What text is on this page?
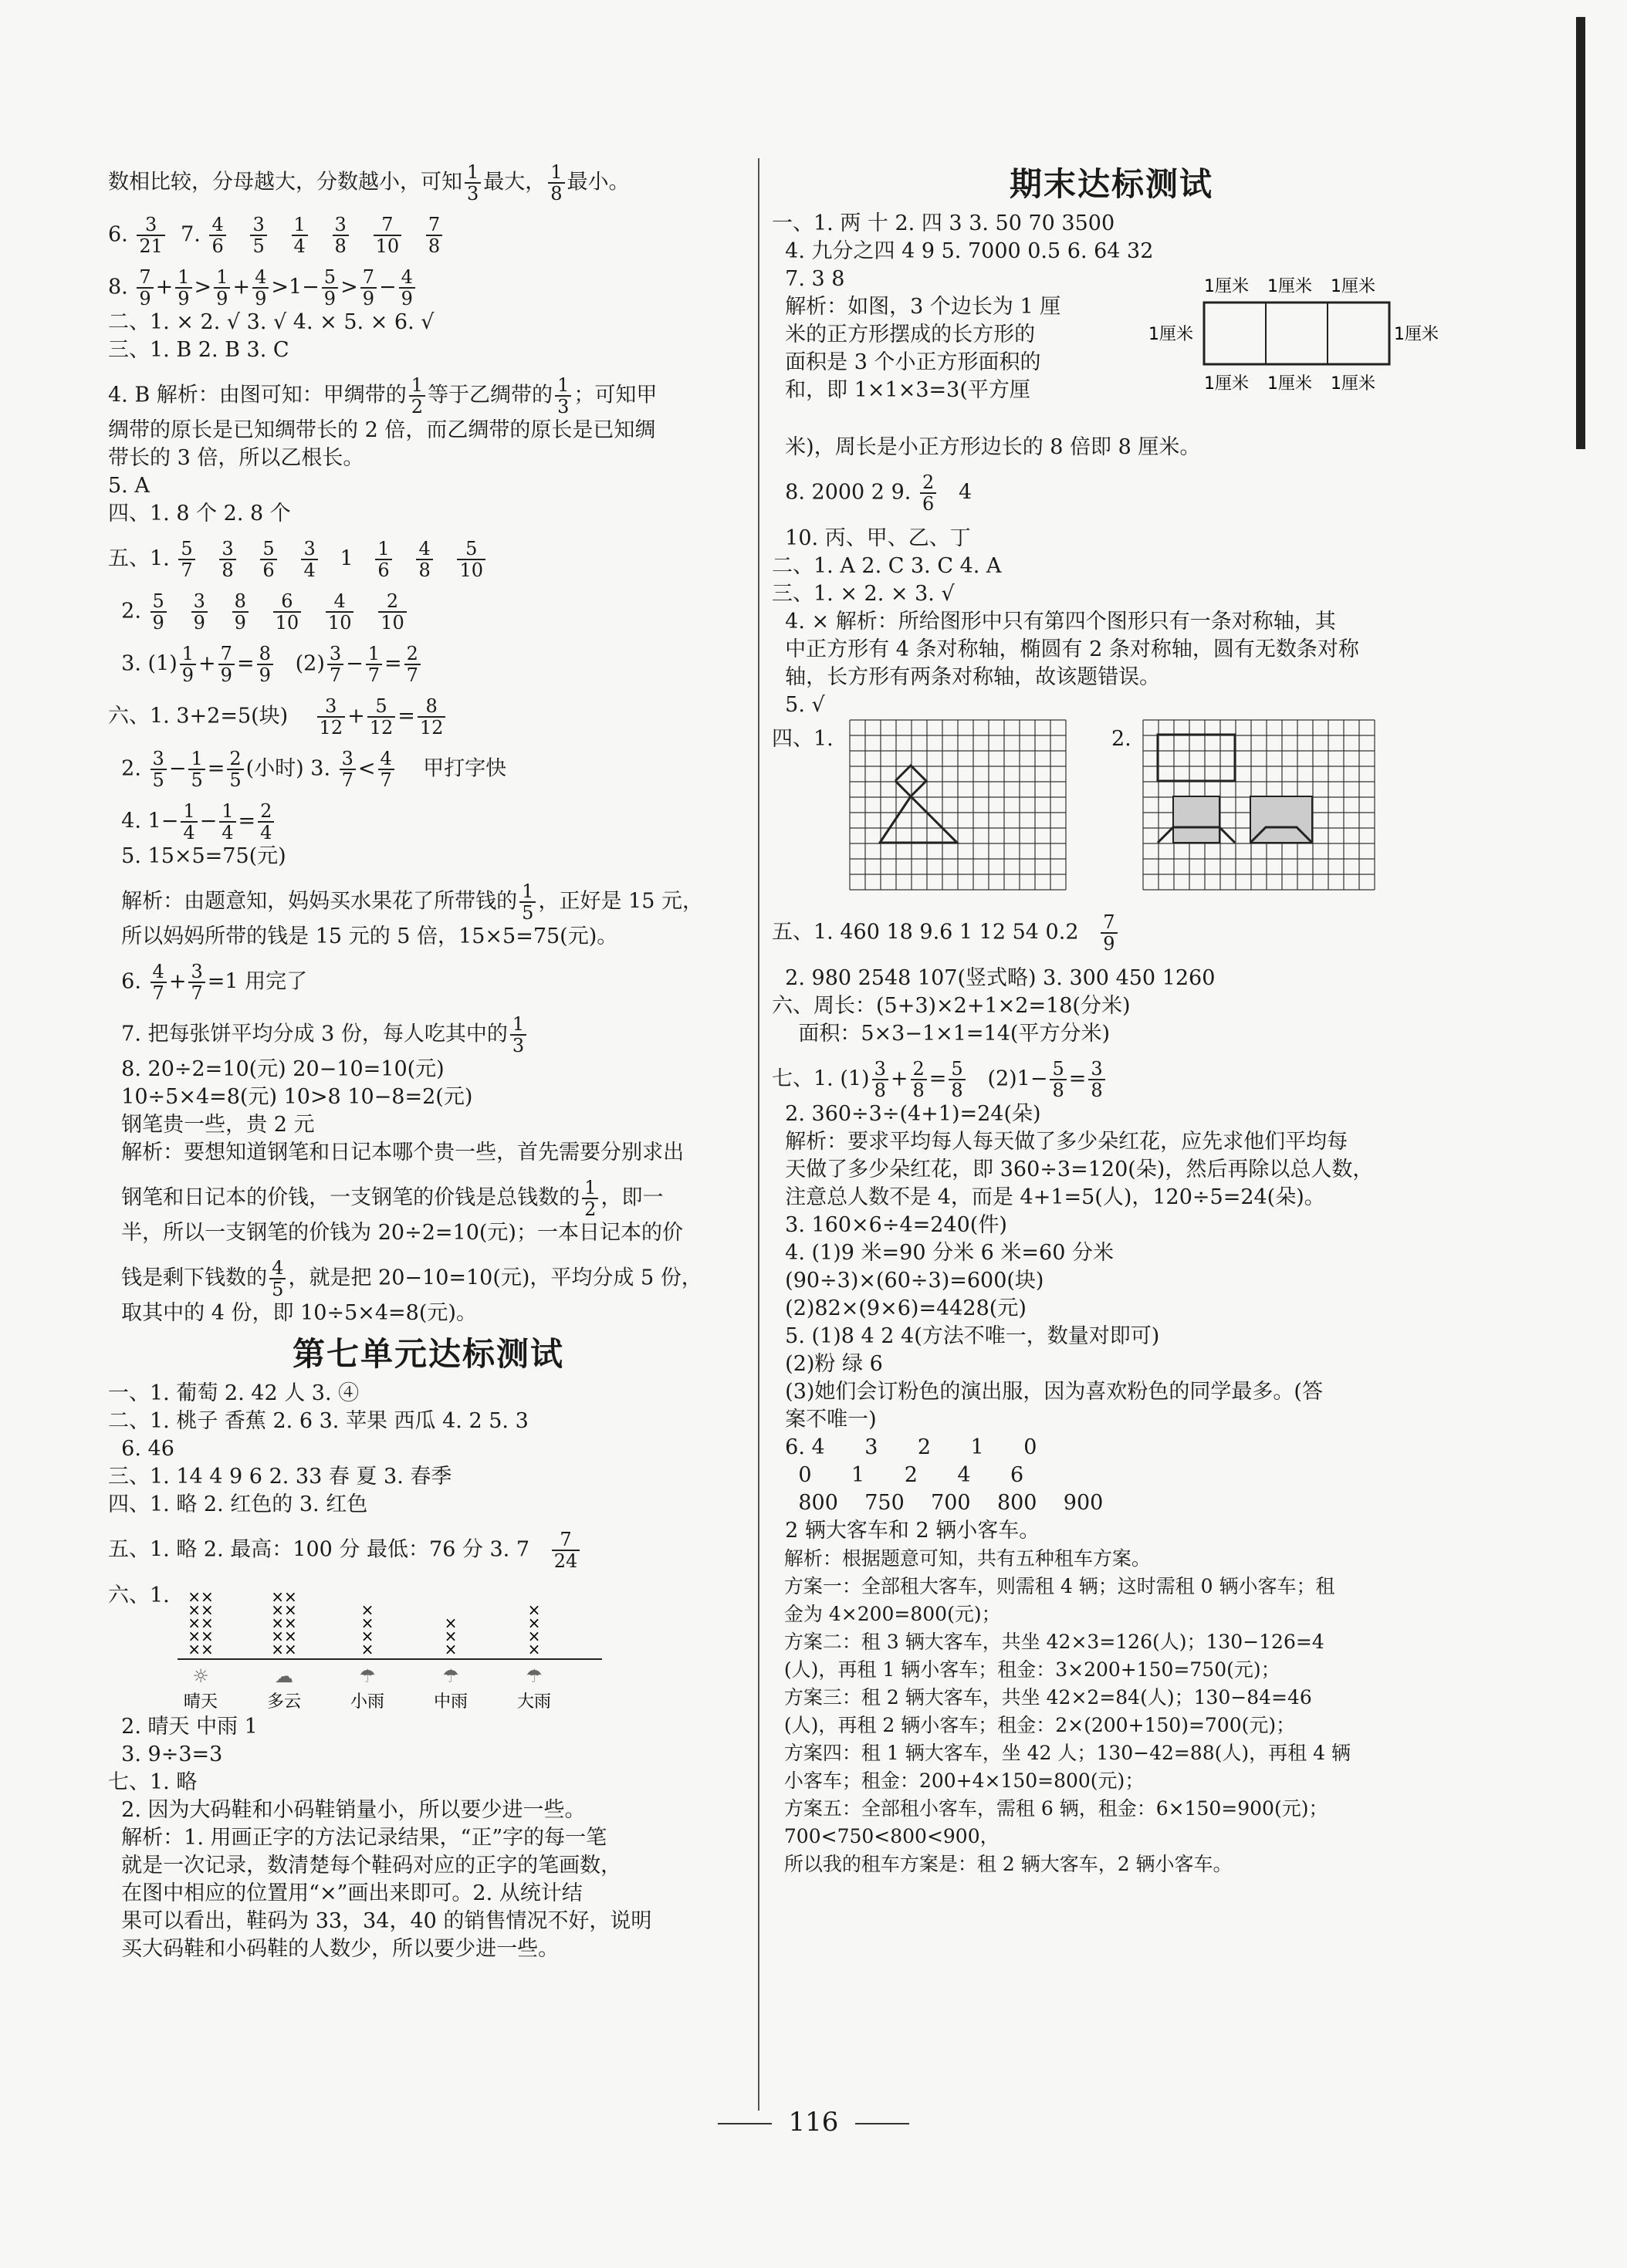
数相比较，分母越大，分数越小，可知 $\frac{1}{3}$ 最大， $\frac{1}{8}$ 最小。
6. $\frac{3}{21} 7$. $\frac{4}{6}$
$\frac{3}{5}$
$\frac{1}{4}$
$\frac{3}{8}$
$\frac{7}{10}$
$\frac{7}{8}$
8. $\frac{7}{9} + \frac{1}{9} > \frac{1}{9} + \frac{4}{9} >1- \frac{5}{9} > \frac{7}{9} - \frac{4}{9}$
二、1. × 2. √ 3. √ 4. × 5. × 6. √
三、1. B 2. B 3. C
4. B 解析：由图可知：甲绸带的 $\frac{1}{2}$ 等于乙绸带的 $\frac{1}{3}$ ；可知甲
绸带的原长是已知绸带长的 2 倍，而乙绸带的原长是已知绸
带长的 3 倍，所以乙根长。
5. A
四、1. 8 个 2. 8 个
五、1. $\frac{5}{7}$
$\frac{3}{8}$
$\frac{5}{6}$
$\frac{3}{4} 1 \frac{1}{6}$
$\frac{4}{8}$
$\frac{5}{10}$
2. $\frac{5}{9}$
$\frac{3}{9}$
$\frac{8}{9}$
$\frac{6}{10}$
$\frac{4}{10}$
$\frac{2}{10}$
3. $(1) \frac{1}{9} + \frac{7}{9} = \frac{8}{9} (2) \frac{3}{7} - \frac{1}{7} = \frac{2}{7}$
六、1. 3+2=5(块) $\frac{3}{12} + \frac{5}{12} = \frac{8}{12}$
2. $\frac{3}{5} - \frac{1}{5} = \frac{2}{5}$ (小时) 3. $\frac{3}{7} < \frac{4}{7}$ 甲打字快
4. $1- \frac{1}{4} - \frac{1}{4} = \frac{2}{4}$
5. 15×5=75(元)
解析：由题意知，妈妈买水果花了所带钱的 $\frac{1}{5}$ ，正好是 15 元，
所以妈妈所带的钱是 15 元的 5 倍，15×5=75(元)。
6. $\frac{4}{7} + \frac{3}{7} =1$ 用完了
7. 把每张饼平均分成 3 份，每人吃其中的 $\frac{1}{3}$
8. 20÷2=10(元) 20−10=10(元)
10÷5×4=8(元) 10>8 10−8=2(元)
钢笔贵一些，贵 2 元
解析：要想知道钢笔和日记本哪个贵一些，首先需要分别求出
钢笔和日记本的价钱，一支钢笔的价钱是总钱数的 $\frac{1}{2}$ ，即一
半，所以一支钢笔的价钱为 20÷2=10(元)；一本日记本的价
钱是剩下钱数的 $\frac{4}{5}$ ，就是把 20−10=10(元)，平均分成 5 份，
取其中的 4 份，即 10÷5×4=8(元)。
第七单元达标测试
一、1. 葡萄 2. 42 人 3. ④
二、1. 桃子 香蕉 2. 6 3. 苹果 西瓜 4. 2 5. 3
6. 46
三、1. 14 4 9 6 2. 33 春 夏 3. 春季
四、1. 略 2. 红色的 3. 红色
五、1. 略 2. 最高：100 分 最低：76 分 3. $7 \frac{7}{24}$
六、1.
××
××
××
××
××
☼
晴天
××
××
××
××
××
☁
多云
×
×
×
×
☂
小雨
×
×
×
☂
中雨
×
×
×
×
☂
大雨
2. 晴天 中雨 1
3. 9÷3=3
七、1. 略
2. 因为大码鞋和小码鞋销量小，所以要少进一些。
解析：1. 用画正字的方法记录结果，“正”字的每一笔
就是一次记录，数清楚每个鞋码对应的正字的笔画数，
在图中相应的位置用“×”画出来即可。2. 从统计结
果可以看出，鞋码为 33，34，40 的销售情况不好，说明
买大码鞋和小码鞋的人数少，所以要少进一些。
期末达标测试
一、1. 两 十 2. 四 3 3. 50 70 3500
4. 九分之四 4 9 5. 7000 0.5 6. 64 32
7. 3 8
解析：如图，3 个边长为 1 厘
米的正方形摆成的长方形的
面积是 3 个小正方形面积的
和，即 1×1×3=3(平方厘
1厘米 1厘米 1厘米
1厘米 1厘米 1厘米
1厘米	1厘米
米)，周长是小正方形边长的 8 倍即 8 厘米。
8. 2000 2 9. $\frac{2}{6} 4$
10. 丙、甲、乙、丁
二、1. A 2. C 3. C 4. A
三、1. × 2. × 3. √
4. × 解析：所给图形中只有第四个图形只有一条对称轴，其
中正方形有 4 条对称轴，椭圆有 2 条对称轴，圆有无数条对称
轴，长方形有两条对称轴，故该题错误。
5. √
四、1.	2.
五、1. 460 18 9.6 1 12 54 $0.2 \frac{7}{9}$
2. 980 2548 107(竖式略) 3. 300 450 1260
六、周长：(5+3)×2+1×2=18(分米)
面积：5×3−1×1=14(平方分米)
七、1. $(1) \frac{3}{8} + \frac{2}{8} = \frac{5}{8} (2)1- \frac{5}{8} = \frac{3}{8}$
2. 360÷3÷(4+1)=24(朵)
解析：要求平均每人每天做了多少朵红花，应先求他们平均每
天做了多少朵红花，即 360÷3=120(朵)，然后再除以总人数，
注意总人数不是 4，而是 4+1=5(人)，120÷5=24(朵)。
3. 160×6÷4=240(件)
4. (1)9 米=90 分米 6 米=60 分米
(90÷3)×(60÷3)=600(块)
(2)82×(9×6)=4428(元)
5. (1)8 4 2 4(方法不唯一，数量对即可)
(2)粉 绿 6
(3)她们会订粉色的演出服，因为喜欢粉色的同学最多。(答
案不唯一)
6. 4      3      2      1      0
0      1      2      4      6
800    750    700    800    900
2 辆大客车和 2 辆小客车。
解析：根据题意可知，共有五种租车方案。
方案一：全部租大客车，则需租 4 辆；这时需租 0 辆小客车；租
金为 4×200=800(元)；
方案二：租 3 辆大客车，共坐 42×3=126(人)；130−126=4
(人)，再租 1 辆小客车；租金：3×200+150=750(元)；
方案三：租 2 辆大客车，共坐 42×2=84(人)；130−84=46
(人)，再租 2 辆小客车；租金：2×(200+150)=700(元)；
方案四：租 1 辆大客车，坐 42 人；130−42=88(人)，再租 4 辆
小客车；租金：200+4×150=800(元)；
方案五：全部租小客车，需租 6 辆，租金：6×150=900(元)；
700<750<800<900，
所以我的租车方案是：租 2 辆大客车，2 辆小客车。
116
